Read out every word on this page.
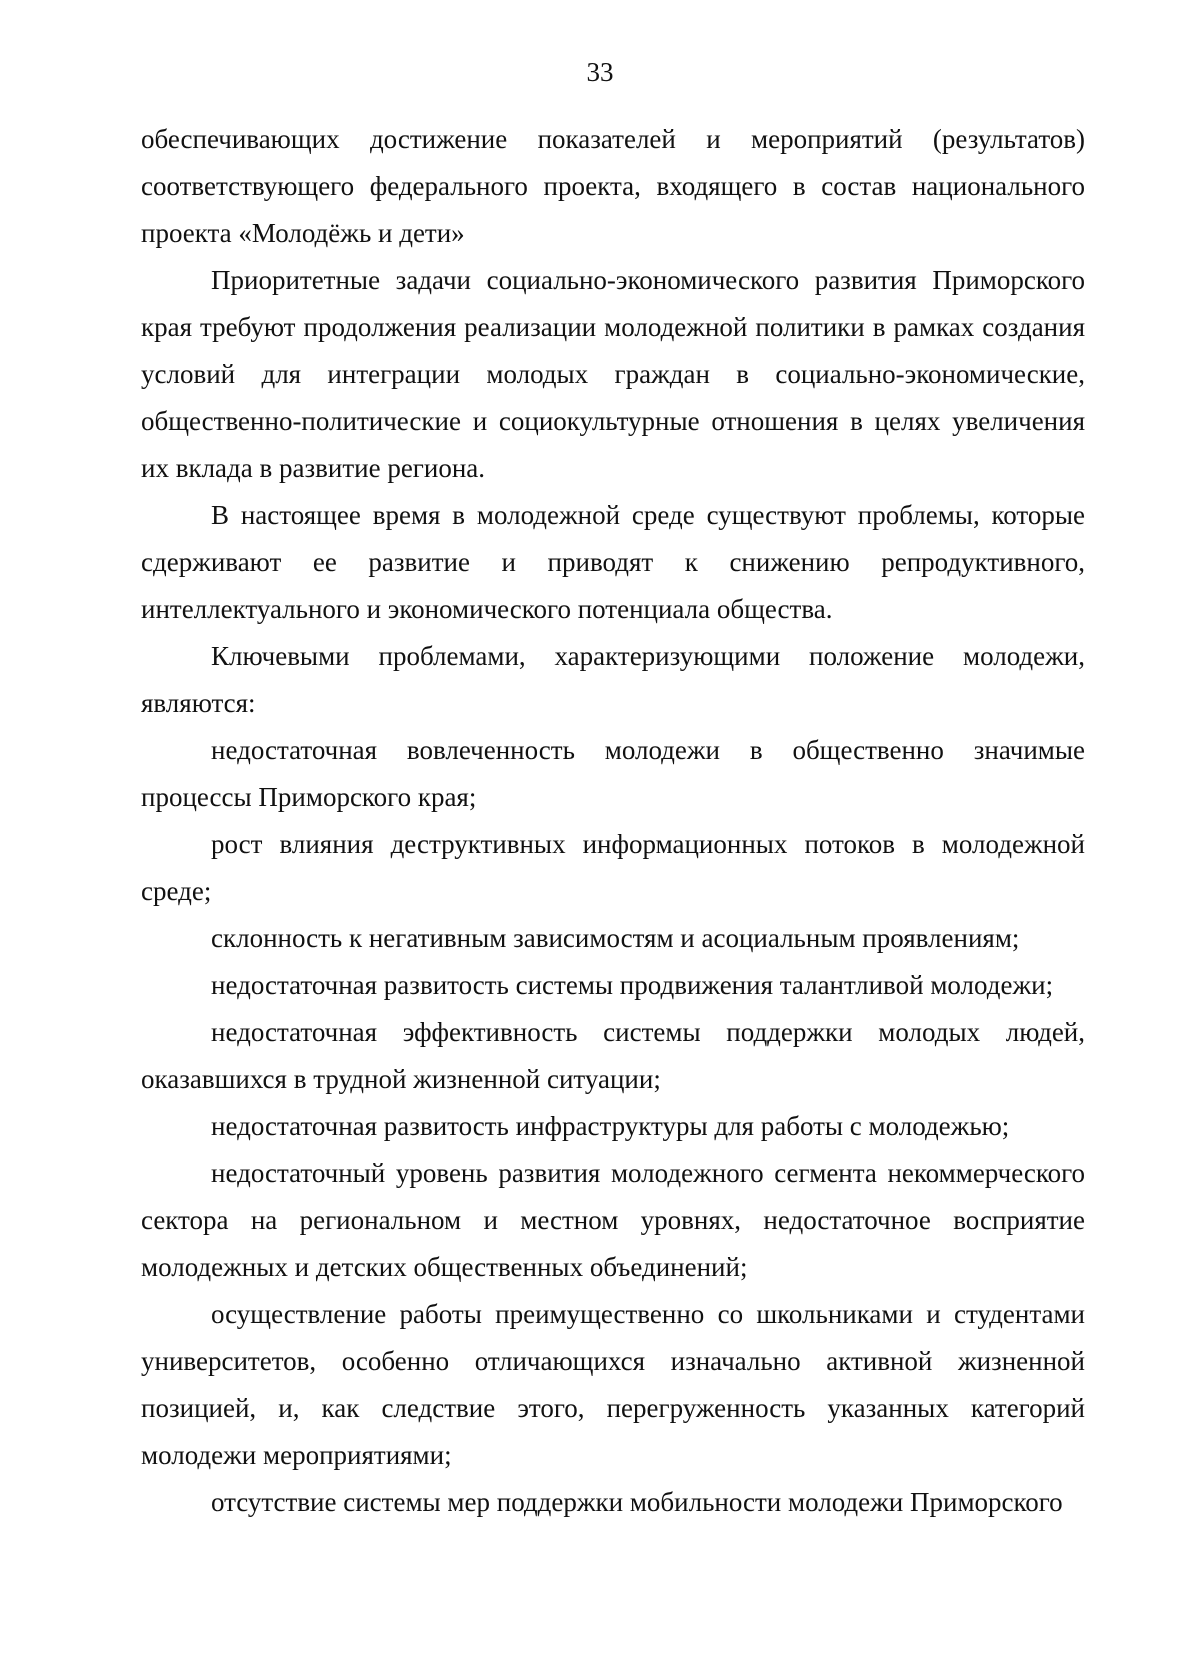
33

обеспечивающих достижение показателей и мероприятий (результатов) соответствующего федерального проекта, входящего в состав национального проекта «Молодёжь и дети»

Приоритетные задачи социально-экономического развития Приморского края требуют продолжения реализации молодежной политики в рамках создания условий для интеграции молодых граждан в социально-экономические, общественно-политические и социокультурные отношения в целях увеличения их вклада в развитие региона.

В настоящее время в молодежной среде существуют проблемы, которые сдерживают ее развитие и приводят к снижению репродуктивного, интеллектуального и экономического потенциала общества.

Ключевыми проблемами, характеризующими положение молодежи, являются:

недостаточная вовлеченность молодежи в общественно значимые процессы Приморского края;

рост влияния деструктивных информационных потоков в молодежной среде;

склонность к негативным зависимостям и асоциальным проявлениям;

недостаточная развитость системы продвижения талантливой молодежи;

недостаточная эффективность системы поддержки молодых людей, оказавшихся в трудной жизненной ситуации;

недостаточная развитость инфраструктуры для работы с молодежью;

недостаточный уровень развития молодежного сегмента некоммерческого сектора на региональном и местном уровнях, недостаточное восприятие молодежных и детских общественных объединений;

осуществление работы преимущественно со школьниками и студентами университетов, особенно отличающихся изначально активной жизненной позицией, и, как следствие этого, перегруженность указанных категорий молодежи мероприятиями;

отсутствие системы мер поддержки мобильности молодежи Приморского
